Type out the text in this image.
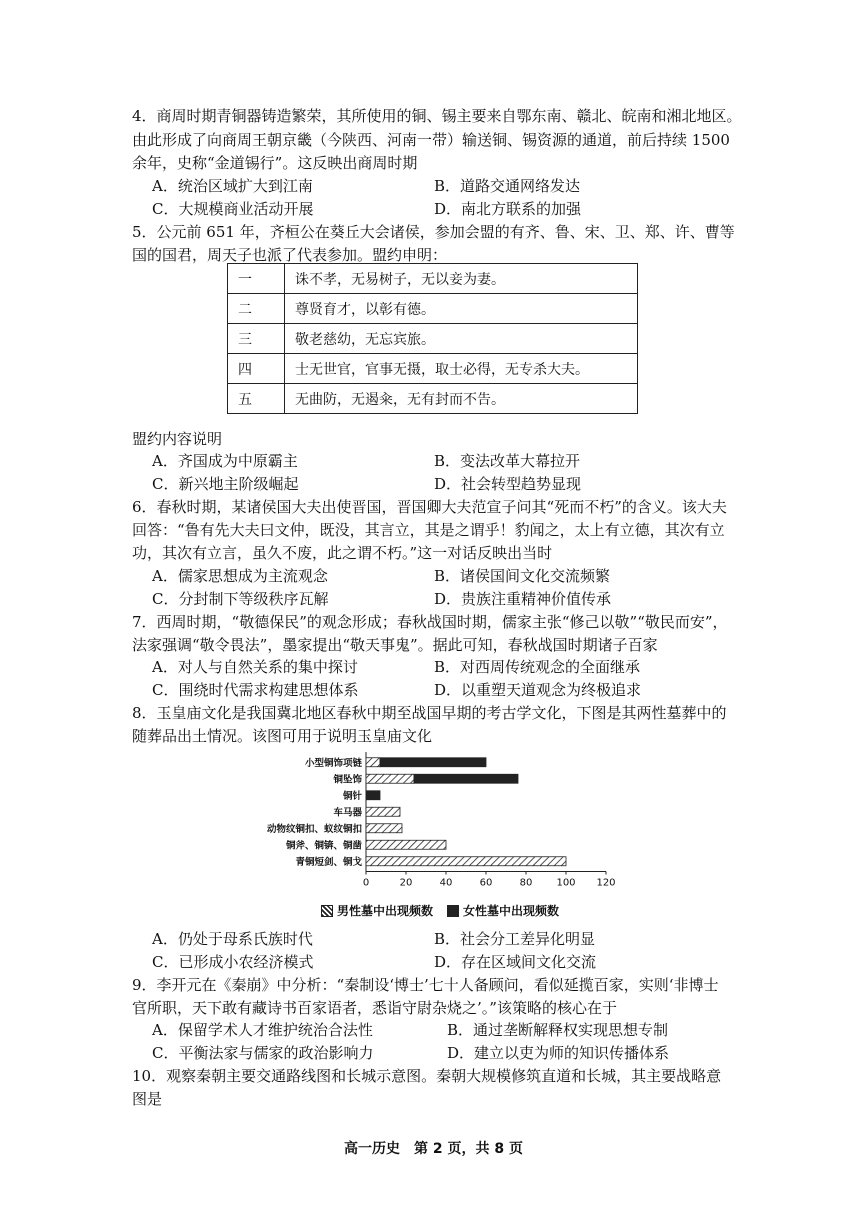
4．商周时期青铜器铸造繁荣，其所使用的铜、锡主要来自鄂东南、赣北、皖南和湘北地区。
由此形成了向商周王朝京畿（今陕西、河南一带）输送铜、锡资源的通道，前后持续 1500
余年，史称“金道锡行”。这反映出商周时期
A．统治区域扩大到江南	B．道路交通网络发达
C．大规模商业活动开展	D．南北方联系的加强
5．公元前 651 年，齐桓公在葵丘大会诸侯，参加会盟的有齐、鲁、宋、卫、郑、许、曹等
国的国君，周天子也派了代表参加。盟约申明：
一	诛不孝，无易树子，无以妾为妻。
二	尊贤育才，以彰有德。
三	敬老慈幼，无忘宾旅。
四	士无世官，官事无摄，取士必得，无专杀大夫。
五	无曲防，无遏籴，无有封而不告。
盟约内容说明
A．齐国成为中原霸主	B．变法改革大幕拉开
C．新兴地主阶级崛起	D．社会转型趋势显现
6．春秋时期，某诸侯国大夫出使晋国，晋国卿大夫范宣子问其“死而不朽”的含义。该大夫
回答：“鲁有先大夫曰文仲，既没，其言立，其是之谓乎！豹闻之，太上有立德，其次有立
功，其次有立言，虽久不废，此之谓不朽。”这一对话反映出当时
A．儒家思想成为主流观念	B．诸侯国间文化交流频繁
C．分封制下等级秩序瓦解	D．贵族注重精神价值传承
7．西周时期，“敬德保民”的观念形成；春秋战国时期，儒家主张“修己以敬”“敬民而安”，
法家强调“敬令畏法”，墨家提出“敬天事鬼”。据此可知，春秋战国时期诸子百家
A．对人与自然关系的集中探讨	B．对西周传统观念的全面继承
C．围绕时代需求构建思想体系	D．以重塑天道观念为终极追求
8．玉皇庙文化是我国冀北地区春秋中期至战国早期的考古学文化，下图是其两性墓葬中的
随葬品出土情况。该图可用于说明玉皇庙文化
小型铜饰项链
铜坠饰
铜针
车马器
动物纹铜扣、蚁纹铜扣
铜斧、铜锛、铜凿
青铜短剑、铜戈
0	20	40	60	80 100 120
男性墓中出现频数	女性墓中出现频数
A．仍处于母系氏族时代	B．社会分工差异化明显
C．已形成小农经济模式	D．存在区域间文化交流
9．李开元在《秦崩》中分析：“秦制设‘博士’七十人备顾问，看似延揽百家，实则‘非博士
官所职，天下敢有藏诗书百家语者，悉诣守尉杂烧之’。”该策略的核心在于
A．保留学术人才维护统治合法性	B．通过垄断解释权实现思想专制
C．平衡法家与儒家的政治影响力	D．建立以吏为师的知识传播体系
10．观察秦朝主要交通路线图和长城示意图。秦朝大规模修筑直道和长城，其主要战略意
图是
高一历史　第 2 页，共 8 页
